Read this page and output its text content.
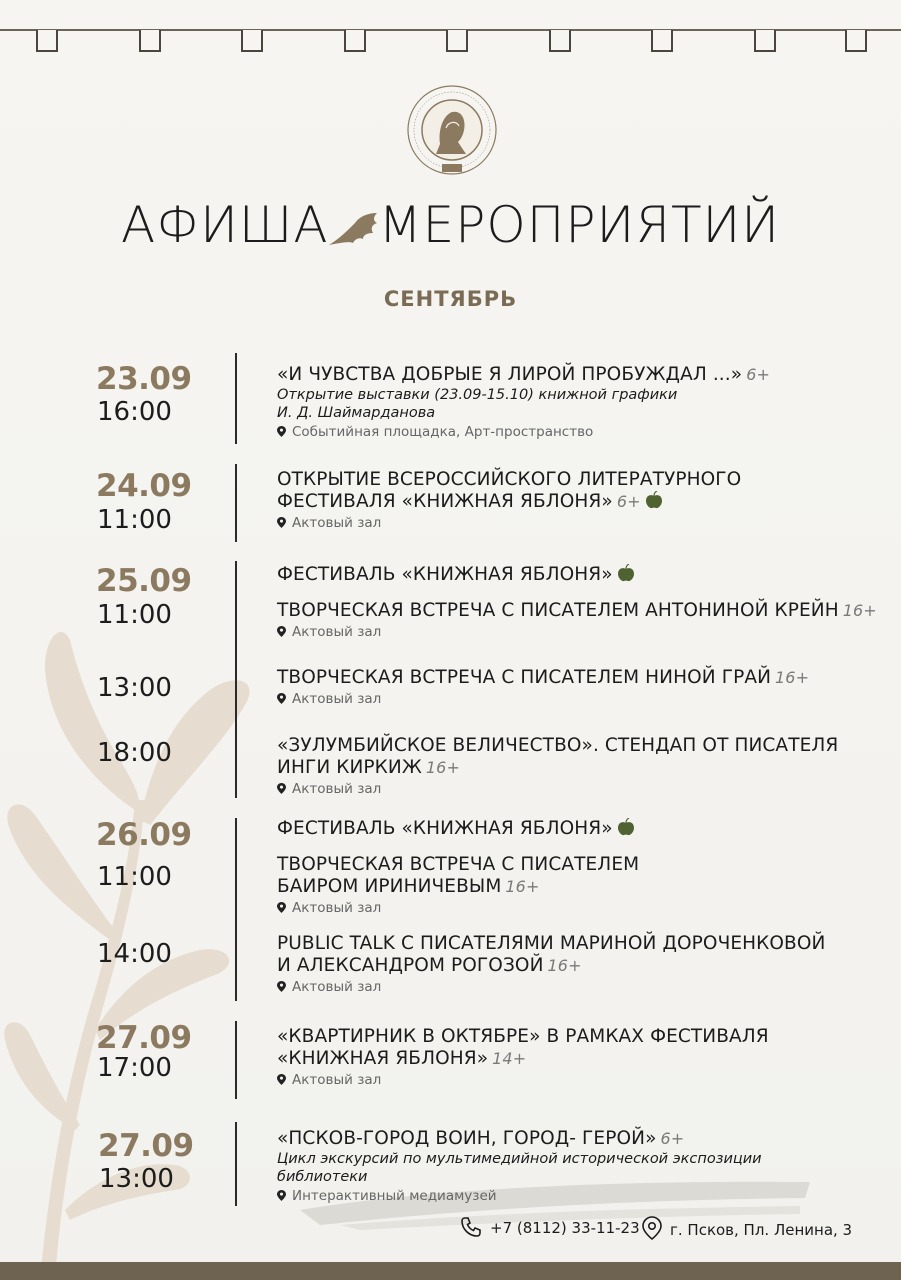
АФИША МЕРОПРИЯТИЙ
СЕНТЯБРЬ
23.09
16:00
24.09
11:00
25.09
11:00
13:00
18:00
26.09
11:00
14:00
27.09
17:00
27.09
13:00
«И ЧУВСТВА ДОБРЫЕ Я ЛИРОЙ ПРОБУЖДАЛ ...» 6+
Открытие выставки (23.09-15.10) книжной графики
И. Д. Шаймарданова
Событийная площадка, Арт-пространство
ОТКРЫТИЕ ВСЕРОССИЙСКОГО ЛИТЕРАТУРНОГО
ФЕСТИВАЛЯ «КНИЖНАЯ ЯБЛОНЯ» 6+
Актовый зал
ФЕСТИВАЛЬ «КНИЖНАЯ ЯБЛОНЯ»
ТВОРЧЕСКАЯ ВСТРЕЧА С ПИСАТЕЛЕМ АНТОНИНОЙ КРЕЙН 16+
Актовый зал
ТВОРЧЕСКАЯ ВСТРЕЧА С ПИСАТЕЛЕМ НИНОЙ ГРАЙ 16+
Актовый зал
«ЗУЛУМБИЙСКОЕ ВЕЛИЧЕСТВО». СТЕНДАП ОТ ПИСАТЕЛЯ
ИНГИ КИРКИЖ 16+
Актовый зал
ФЕСТИВАЛЬ «КНИЖНАЯ ЯБЛОНЯ»
ТВОРЧЕСКАЯ ВСТРЕЧА С ПИСАТЕЛЕМ
БАИРОМ ИРИНИЧЕВЫМ 16+
Актовый зал
PUBLIC TALK С ПИСАТЕЛЯМИ МАРИНОЙ ДОРОЧЕНКОВОЙ
И АЛЕКСАНДРОМ РОГОЗОЙ 16+
Актовый зал
«КВАРТИРНИК В ОКТЯБРЕ» В РАМКАХ ФЕСТИВАЛЯ
«КНИЖНАЯ ЯБЛОНЯ» 14+
Актовый зал
«ПСКОВ-ГОРОД ВОИН, ГОРОД- ГЕРОЙ» 6+
Цикл экскурсий по мультимедийной исторической экспозиции
библиотеки
Интерактивный медиамузей
+7 (8112) 33-11-23	г. Псков, Пл. Ленина, 3
